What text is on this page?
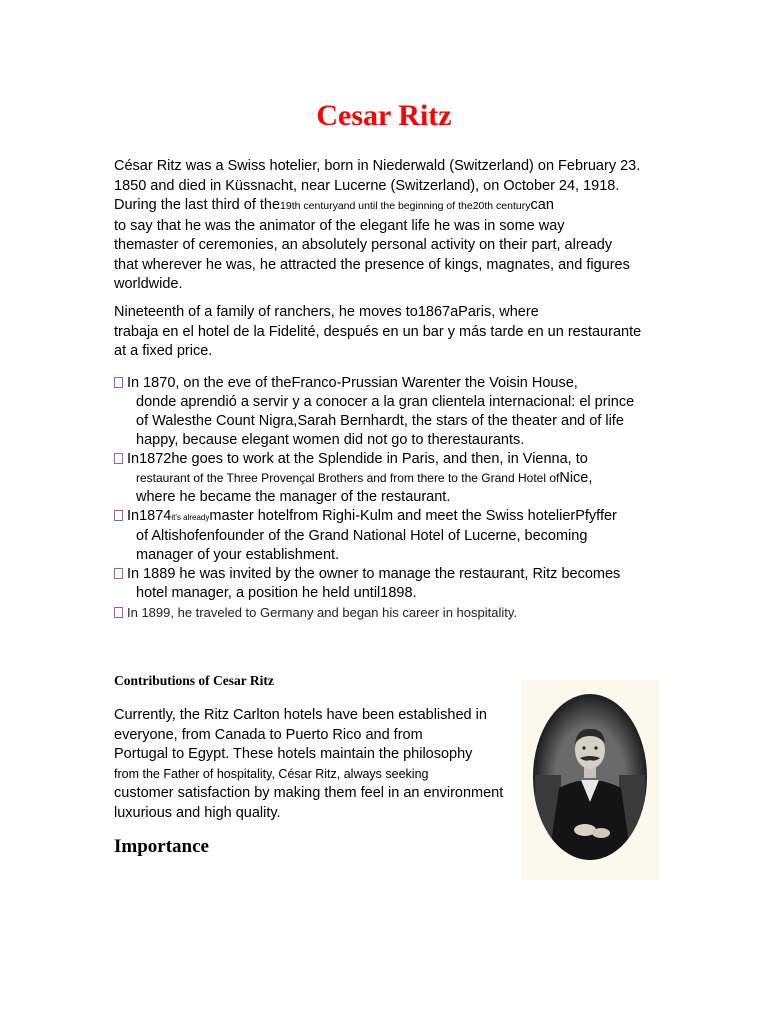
Cesar Ritz
César Ritz was a Swiss hotelier, born in Niederwald (Switzerland) on February 23.
1850 and died in Küssnacht, near Lucerne (Switzerland), on October 24, 1918.
During the last third of the19th centuryand until the beginning of the20th centurycan
to say that he was the animator of the elegant life he was in some way
themaster of ceremonies, an absolutely personal activity on their part, already
that wherever he was, he attracted the presence of kings, magnates, and figures
worldwide.
Nineteenth of a family of ranchers, he moves to1867aParis, where
trabaja en el hotel de la Fidelité, después en un bar y más tarde en un restaurante
at a fixed price.
In 1870, on the eve of theFranco-Prussian Warenter the Voisin House,
donde aprendió a servir y a conocer a la gran clientela internacional: el prince
of Walesthe Count Nigra,Sarah Bernhardt, the stars of the theater and of life
happy, because elegant women did not go to therestaurants.
In1872he goes to work at the Splendide in Paris, and then, in Vienna, to
restaurant of the Three Provençal Brothers and from there to the Grand Hotel ofNice,
where he became the manager of the restaurant.
In1874it's alreadymaster hotelfrom Righi-Kulm and meet the Swiss hotelierPfyffer
of Altishofenfounder of the Grand National Hotel of Lucerne, becoming
manager of your establishment.
In 1889 he was invited by the owner to manage the restaurant, Ritz becomes
hotel manager, a position he held until1898.
In 1899, he traveled to Germany and began his career in hospitality.
Contributions of Cesar Ritz
Currently, the Ritz Carlton hotels have been established in
everyone, from Canada to Puerto Rico and from
Portugal to Egypt. These hotels maintain the philosophy
from the Father of hospitality, César Ritz, always seeking
customer satisfaction by making them feel in an environment
luxurious and high quality.
Importance
